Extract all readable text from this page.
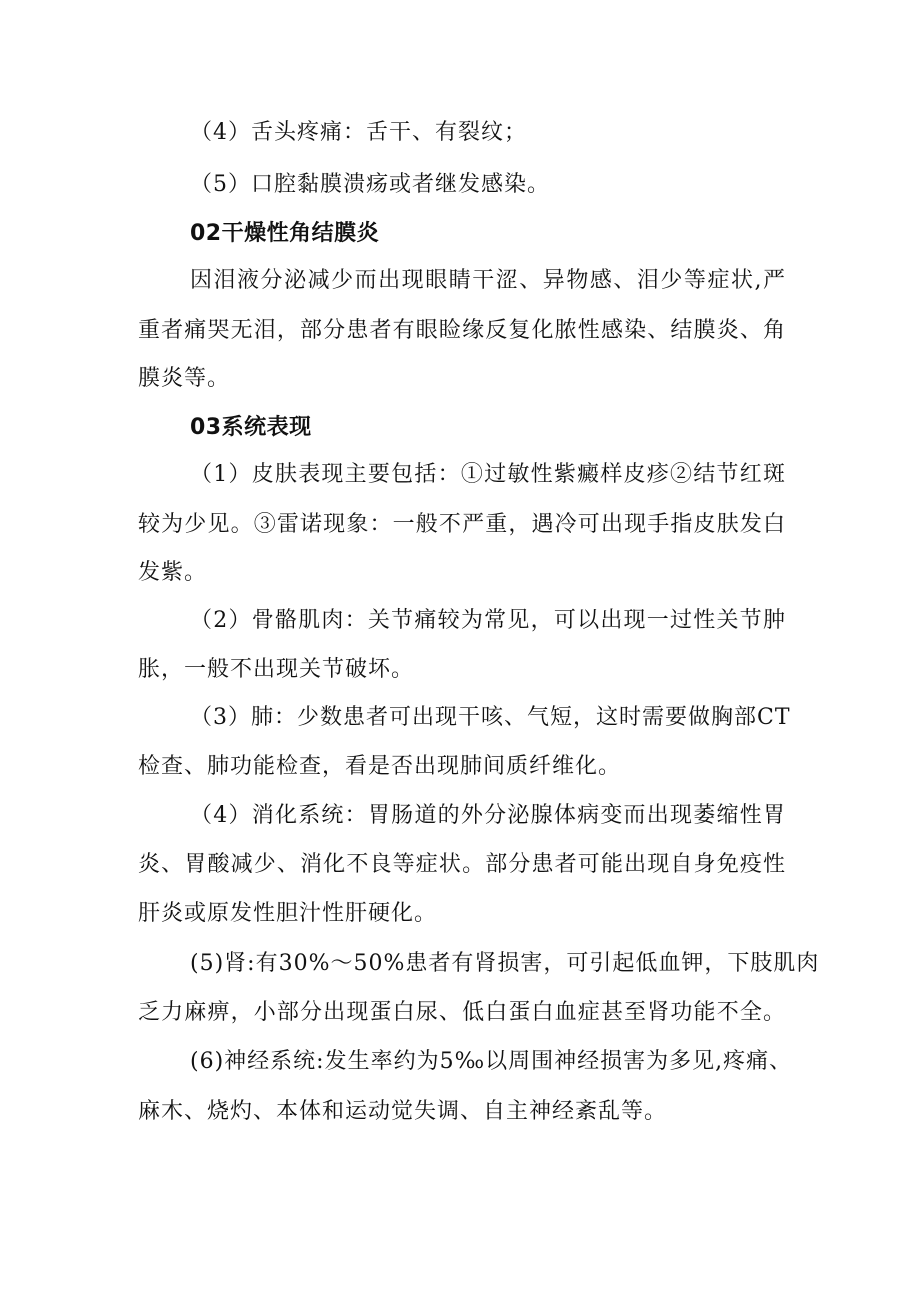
（4）舌头疼痛：舌干、有裂纹；
（5）口腔黏膜溃疡或者继发感染。
02干燥性角结膜炎
因泪液分泌减少而出现眼睛干涩、异物感、泪少等症状,严
重者痛哭无泪，部分患者有眼睑缘反复化脓性感染、结膜炎、角
膜炎等。
03系统表现
（1）皮肤表现主要包括：①过敏性紫癜样皮疹②结节红斑
较为少见。③雷诺现象：一般不严重，遇冷可出现手指皮肤发白
发紫。
（2）骨骼肌肉：关节痛较为常见，可以出现一过性关节肿
胀，一般不出现关节破坏。
（3）肺：少数患者可出现干咳、气短，这时需要做胸部CT
检查、肺功能检查，看是否出现肺间质纤维化。
（4）消化系统：胃肠道的外分泌腺体病变而出现萎缩性胃
炎、胃酸减少、消化不良等症状。部分患者可能出现自身免疫性
肝炎或原发性胆汁性肝硬化。
(5)肾:有30%～50%患者有肾损害，可引起低血钾，下肢肌肉
乏力麻痹，小部分出现蛋白尿、低白蛋白血症甚至肾功能不全。
(6)神经系统:发生率约为5‰以周围神经损害为多见,疼痛、
麻木、烧灼、本体和运动觉失调、自主神经紊乱等。
